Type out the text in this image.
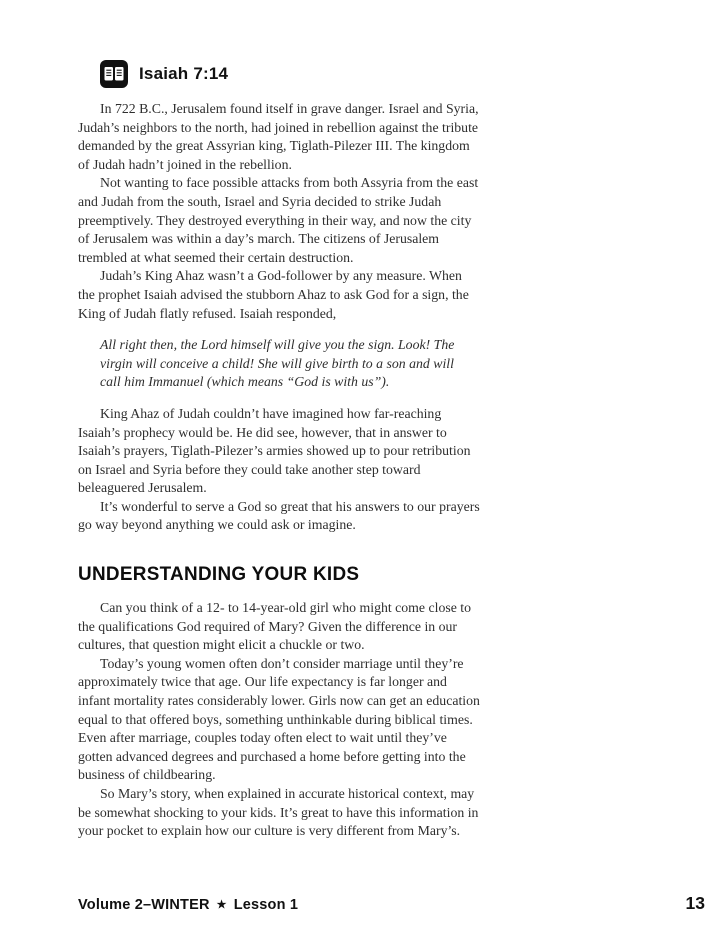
Isaiah 7:14

In 722 B.C., Jerusalem found itself in grave danger. Israel and Syria, Judah’s neighbors to the north, had joined in rebellion against the tribute demanded by the great Assyrian king, Tiglath-Pilezer III. The kingdom of Judah hadn’t joined in the rebellion.

Not wanting to face possible attacks from both Assyria from the east and Judah from the south, Israel and Syria decided to strike Judah preemptively. They destroyed everything in their way, and now the city of Jerusalem was within a day’s march. The citizens of Jerusalem trembled at what seemed their certain destruction.

Judah’s King Ahaz wasn’t a God-follower by any measure. When the prophet Isaiah advised the stubborn Ahaz to ask God for a sign, the King of Judah flatly refused. Isaiah responded,

All right then, the Lord himself will give you the sign. Look! The virgin will conceive a child! She will give birth to a son and will call him Immanuel (which means “God is with us”).

King Ahaz of Judah couldn’t have imagined how far-reaching Isaiah’s prophecy would be. He did see, however, that in answer to Isaiah’s prayers, Tiglath-Pilezer’s armies showed up to pour retribution on Israel and Syria before they could take another step toward beleaguered Jerusalem.

It’s wonderful to serve a God so great that his answers to our prayers go way beyond anything we could ask or imagine.

UNDERSTANDING YOUR KIDS

Can you think of a 12- to 14-year-old girl who might come close to the qualifications God required of Mary? Given the difference in our cultures, that question might elicit a chuckle or two.

Today’s young women often don’t consider marriage until they’re approximately twice that age. Our life expectancy is far longer and infant mortality rates considerably lower. Girls now can get an education equal to that offered boys, something unthinkable during biblical times. Even after marriage, couples today often elect to wait until they’ve gotten advanced degrees and purchased a home before getting into the business of childbearing.

So Mary’s story, when explained in accurate historical context, may be somewhat shocking to your kids. It’s great to have this information in your pocket to explain how our culture is very different from Mary’s.

Volume 2–WINTER ★ Lesson 1	13
